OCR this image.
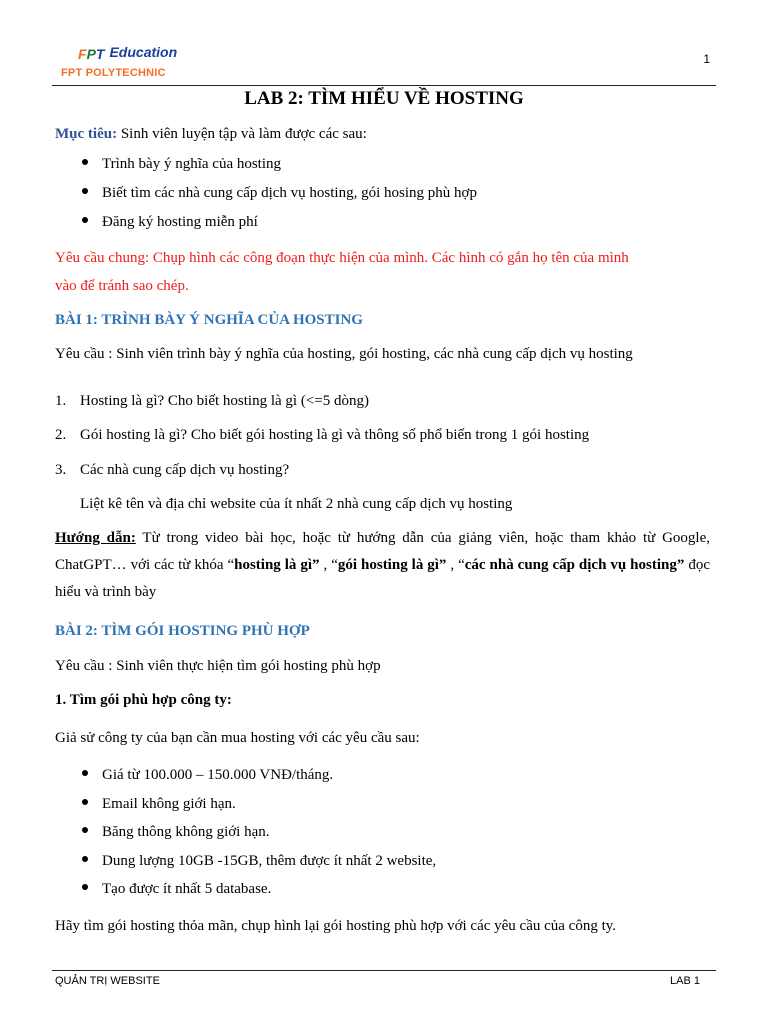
F P T Education
FPT POLYTECHNIC
1
LAB 2: TÌM HIỂU VỀ HOSTING
Mục tiêu: Sinh viên luyện tập và làm được các sau:
Trình bày ý nghĩa của hosting
Biết tìm các nhà cung cấp dịch vụ hosting, gói hosing phù hợp
Đăng ký hosting miễn phí
Yêu cầu chung: Chụp hình các công đoạn thực hiện của mình. Các hình có gắn họ tên của mình
vào để tránh sao chép.
BÀI 1: TRÌNH BÀY Ý NGHĨA CỦA HOSTING
Yêu cầu : Sinh viên trình bày ý nghĩa của hosting, gói hosting, các nhà cung cấp dịch vụ hosting
1. Hosting là gì? Cho biết hosting là gì (<=5 dòng)
2. Gói hosting là gì? Cho biết gói hosting là gì và thông số phổ biến trong 1 gói hosting
3. Các nhà cung cấp dịch vụ hosting?
Liệt kê tên và địa chỉ website của ít nhất 2 nhà cung cấp dịch vụ hosting
Hướng dẫn: Từ trong video bài học, hoặc từ hướng dẫn của giảng viên, hoặc tham khảo từ Google, ChatGPT… với các từ khóa “hosting là gì” , “gói hosting là gì” , “các nhà cung cấp dịch vụ hosting” đọc hiểu và trình bày
BÀI 2: TÌM GÓI HOSTING PHÙ HỢP
Yêu cầu : Sinh viên thực hiện tìm gói hosting phù hợp
1. Tìm gói phù hợp công ty:
Giả sử công ty của bạn cần mua hosting với các yêu cầu sau:
Giá từ 100.000 – 150.000 VNĐ/tháng.
Email không giới hạn.
Băng thông không giới hạn.
Dung lượng 10GB -15GB, thêm được ít nhất 2 website,
Tạo được ít nhất 5 database.
Hãy tìm gói hosting thỏa mãn, chụp hình lại gói hosting phù hợp với các yêu cầu của công ty.
QUẢN TRỊ WEBSITE	LAB 1
